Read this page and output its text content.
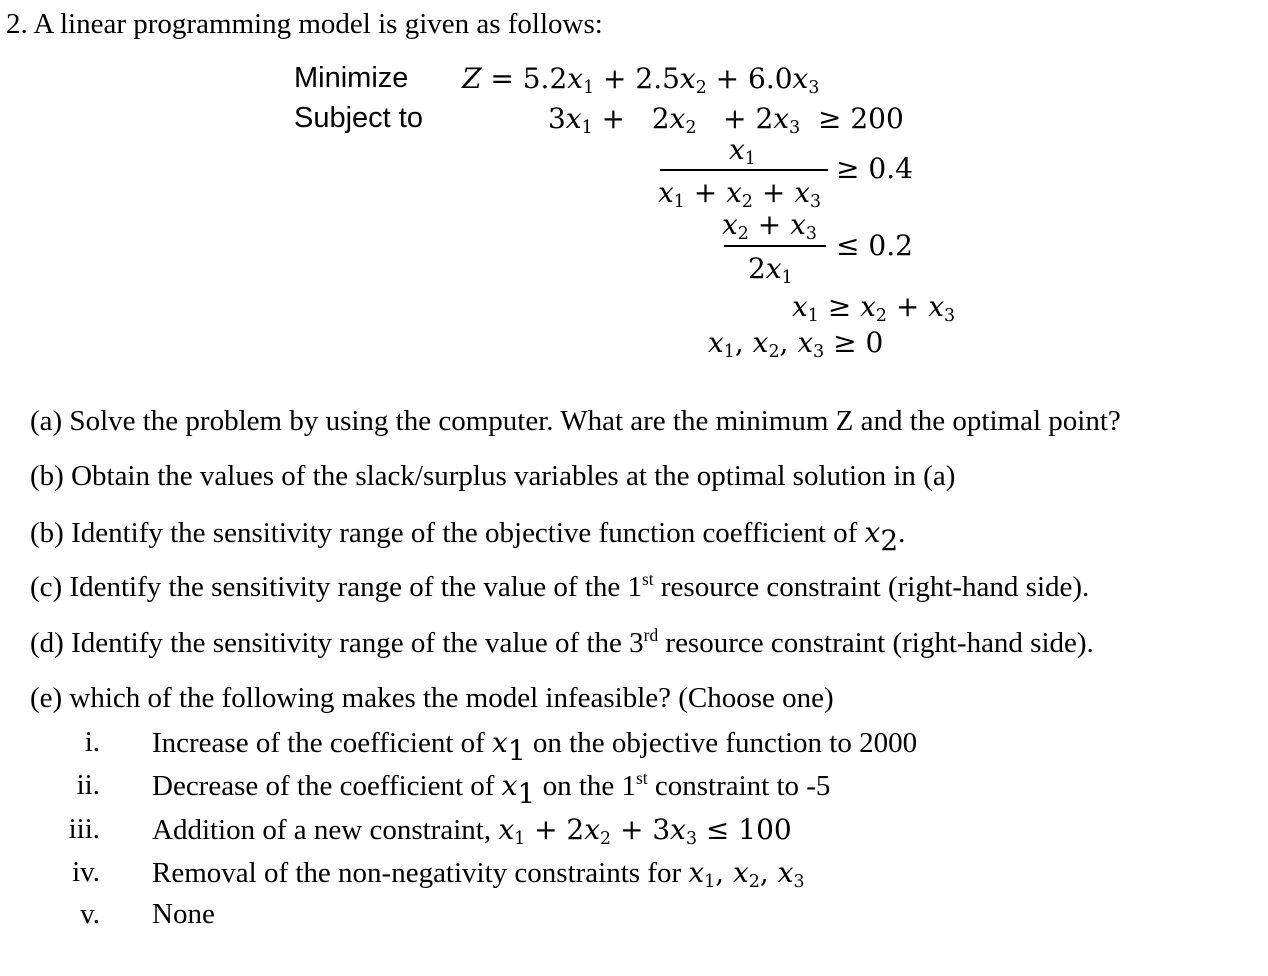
2. A linear programming model is given as follows:
Minimize
Subject to
$Z = 5.2x_1 + 2.5x_2 + 6.0x_3$
$3x_1 + 2x_2 + 2x_3 \ge 200$
$x_1$
$x_1 + x_2 + x_3$
≥ 0.4
$x_2 + x_3$
$2x_1$
≤ 0.2
$x_1 \ge x_2 + x_3$
$x_1$, $x_2$, $x_3 \ge 0$
(a) Solve the problem by using the computer. What are the minimum Z and the optimal point?
(b) Obtain the values of the slack/surplus variables at the optimal solution in (a)
(b) Identify the sensitivity range of the objective function coefficient of $x_2$.
(c) Identify the sensitivity range of the value of the 1st resource constraint (right-hand side).
(d) Identify the sensitivity range of the value of the 3rd resource constraint (right-hand side).
(e) which of the following makes the model infeasible? (Choose one)
i. Increase of the coefficient of $x_1$ on the objective function to 2000
ii. Decrease of the coefficient of $x_1$ on the 1st constraint to -5
iii. Addition of a new constraint, $x_1 + 2x_2 + 3x_3 \le 100$
iv. Removal of the non-negativity constraints for $x_1$, $x_2$, $x_3$
v. None
